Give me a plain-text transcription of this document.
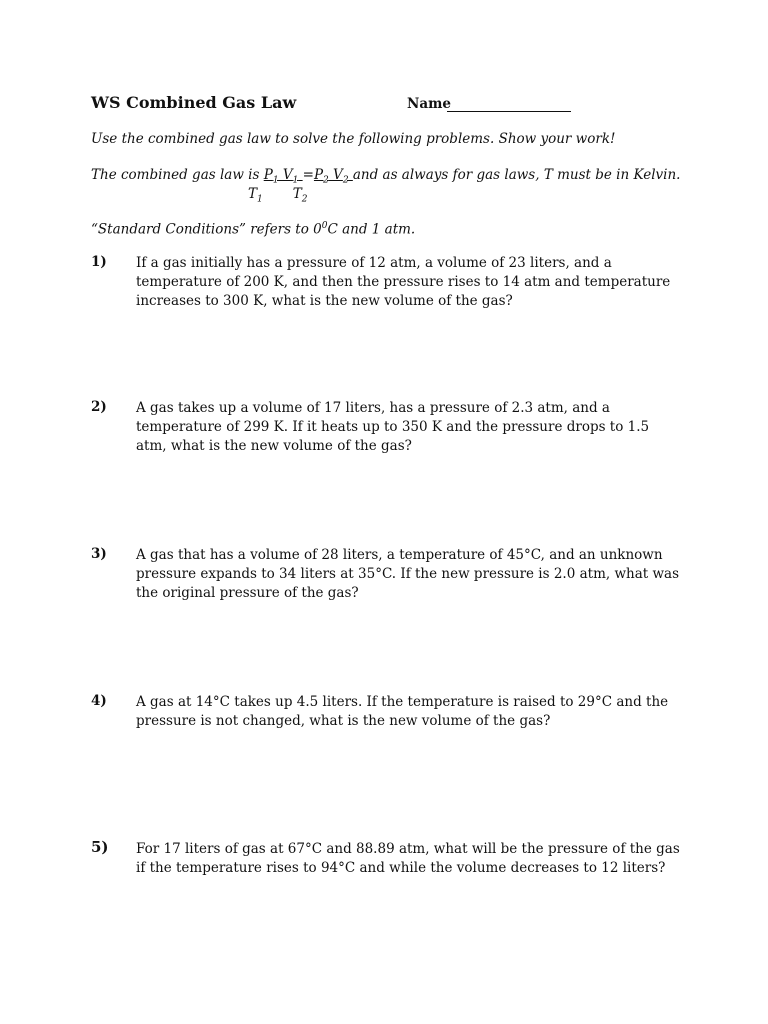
WS Combined Gas Law	Name
Use the combined gas law to solve the following problems. Show your work!
The combined gas law is $P_1$ $V_1 =P_2$ $V_2$ and as always for gas laws, T must be in Kelvin.
$T_1$ $T_2$
“Standard Conditions” refers to $0^0C$ and 1 atm.
1) If a gas initially has a pressure of 12 atm, a volume of 23 liters, and a temperature of 200 K, and then the pressure rises to 14 atm and temperature increases to 300 K, what is the new volume of the gas?
2) A gas takes up a volume of 17 liters, has a pressure of 2.3 atm, and a temperature of 299 K. If it heats up to 350 K and the pressure drops to 1.5 atm, what is the new volume of the gas?
3) A gas that has a volume of 28 liters, a temperature of 45°C, and an unknown pressure expands to 34 liters at 35°C. If the new pressure is 2.0 atm, what was the original pressure of the gas?
4) A gas at 14°C takes up 4.5 liters. If the temperature is raised to 29°C and the pressure is not changed, what is the new volume of the gas?
5) For 17 liters of gas at 67°C and 88.89 atm, what will be the pressure of the gas if the temperature rises to 94°C and while the volume decreases to 12 liters?
